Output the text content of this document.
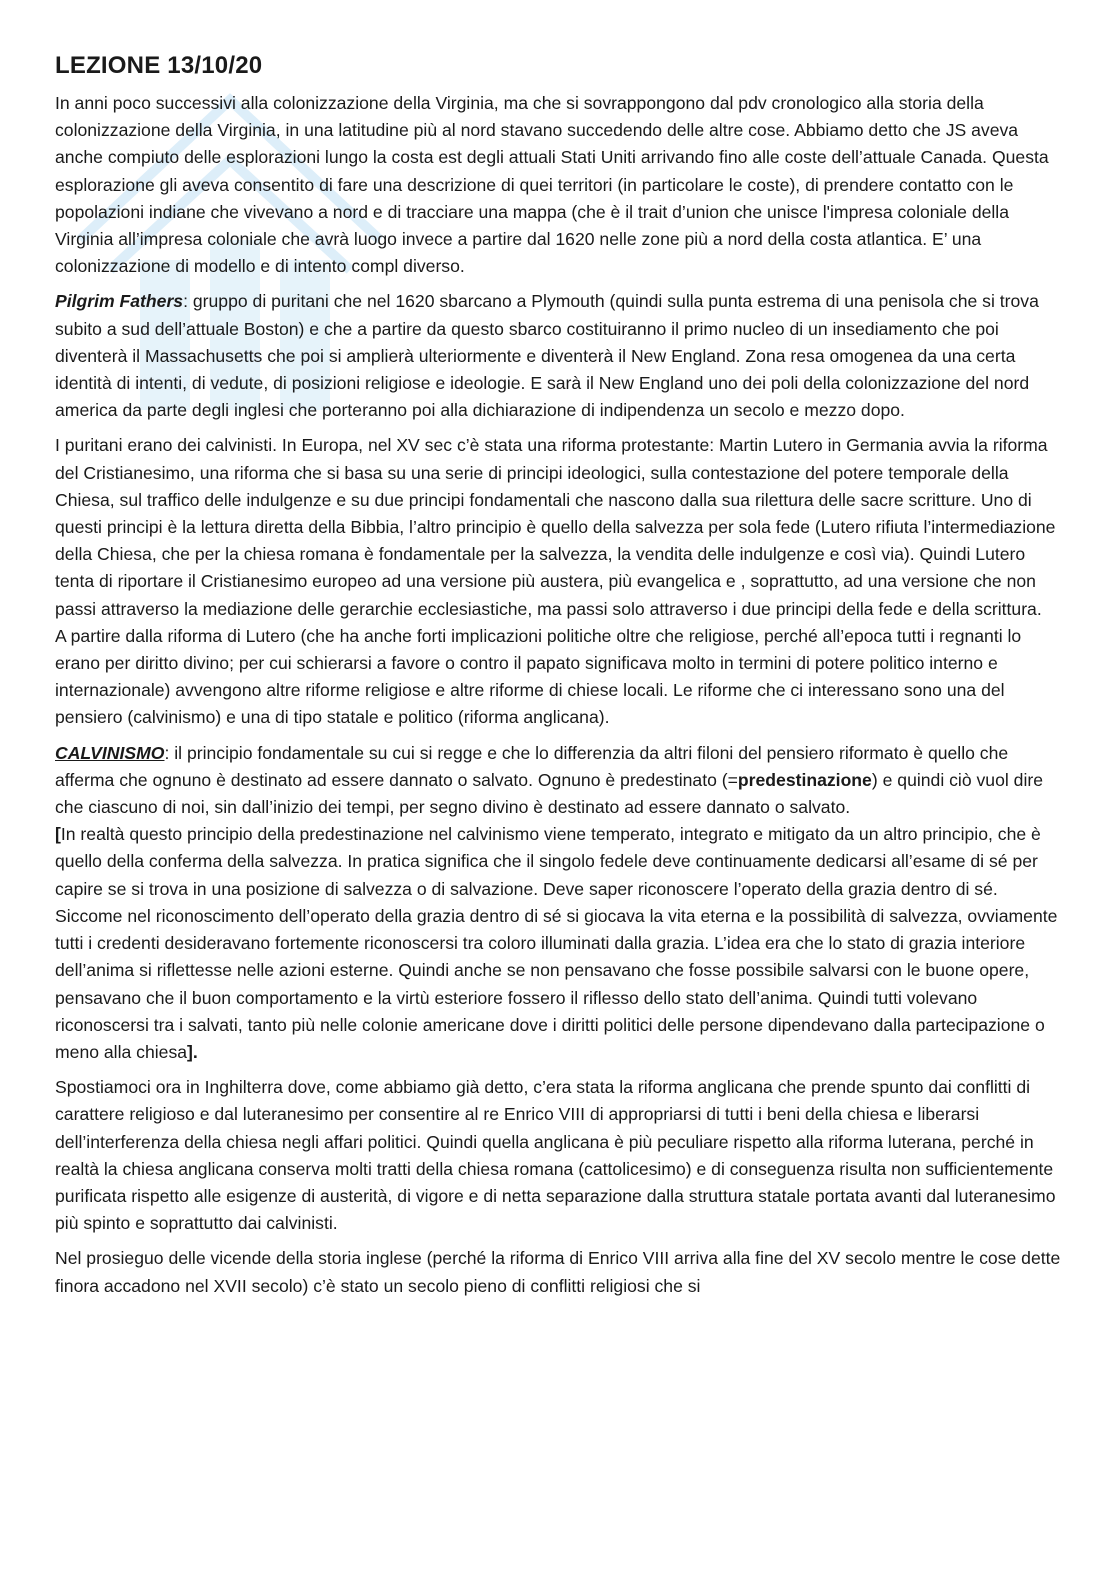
LEZIONE 13/10/20

In anni poco successivi alla colonizzazione della Virginia, ma che si sovrappongono dal pdv cronologico alla storia della colonizzazione della Virginia, in una latitudine più al nord stavano succedendo delle altre cose. Abbiamo detto che JS aveva anche compiuto delle esplorazioni lungo la costa est degli attuali Stati Uniti arrivando fino alle coste dell’attuale Canada. Questa esplorazione gli aveva consentito di fare una descrizione di quei territori (in particolare le coste), di prendere contatto con le popolazioni indiane che vivevano a nord e di tracciare una mappa (che è il trait d’union che unisce l'impresa coloniale della Virginia all’impresa coloniale che avrà luogo invece a partire dal 1620 nelle zone più a nord della costa atlantica. E’ una colonizzazione di modello e di intento compl diverso.

Pilgrim Fathers: gruppo di puritani che nel 1620 sbarcano a Plymouth (quindi sulla punta estrema di una penisola che si trova subito a sud dell’attuale Boston) e che a partire da questo sbarco costituiranno il primo nucleo di un insediamento che poi diventerà il Massachusetts che poi si amplierà ulteriormente e diventerà il New England. Zona resa omogenea da una certa identità di intenti, di vedute, di posizioni religiose e ideologie. E sarà il New England uno dei poli della colonizzazione del nord america da parte degli inglesi che porteranno poi alla dichiarazione di indipendenza un secolo e mezzo dopo.

I puritani erano dei calvinisti. In Europa, nel XV sec c’è stata una riforma protestante: Martin Lutero in Germania avvia la riforma del Cristianesimo, una riforma che si basa su una serie di principi ideologici, sulla contestazione del potere temporale della Chiesa, sul traffico delle indulgenze e su due principi fondamentali che nascono dalla sua rilettura delle sacre scritture. Uno di questi principi è la lettura diretta della Bibbia, l’altro principio è quello della salvezza per sola fede (Lutero rifiuta l’intermediazione della Chiesa, che per la chiesa romana è fondamentale per la salvezza, la vendita delle indulgenze e così via). Quindi Lutero tenta di riportare il Cristianesimo europeo ad una versione più austera, più evangelica e , soprattutto, ad una versione che non passi attraverso la mediazione delle gerarchie ecclesiastiche, ma passi solo attraverso i due principi della fede e della scrittura.

A partire dalla riforma di Lutero (che ha anche forti implicazioni politiche oltre che religiose, perché all’epoca tutti i regnanti lo erano per diritto divino; per cui schierarsi a favore o contro il papato significava molto in termini di potere politico interno e internazionale) avvengono altre riforme religiose e altre riforme di chiese locali. Le riforme che ci interessano sono una del pensiero (calvinismo) e una di tipo statale e politico (riforma anglicana).

CALVINISMO: il principio fondamentale su cui si regge e che lo differenzia da altri filoni del pensiero riformato è quello che afferma che ognuno è destinato ad essere dannato o salvato. Ognuno è predestinato (=predestinazione) e quindi ciò vuol dire che ciascuno di noi, sin dall’inizio dei tempi, per segno divino è destinato ad essere dannato o salvato.

[In realtà questo principio della predestinazione nel calvinismo viene temperato, integrato e mitigato da un altro principio, che è quello della conferma della salvezza. In pratica significa che il singolo fedele deve continuamente dedicarsi all’esame di sé per capire se si trova in una posizione di salvezza o di salvazione. Deve saper riconoscere l’operato della grazia dentro di sé. Siccome nel riconoscimento dell’operato della grazia dentro di sé si giocava la vita eterna e la possibilità di salvezza, ovviamente tutti i credenti desideravano fortemente riconoscersi tra coloro illuminati dalla grazia. L’idea era che lo stato di grazia interiore dell’anima si riflettesse nelle azioni esterne. Quindi anche se non pensavano che fosse possibile salvarsi con le buone opere, pensavano che il buon comportamento e la virtù esteriore fossero il riflesso dello stato dell’anima. Quindi tutti volevano riconoscersi tra i salvati, tanto più nelle colonie americane dove i diritti politici delle persone dipendevano dalla partecipazione o meno alla chiesa].

Spostiamoci ora in Inghilterra dove, come abbiamo già detto, c’era stata la riforma anglicana che prende spunto dai conflitti di carattere religioso e dal luteranesimo per consentire al re Enrico VIII di appropriarsi di tutti i beni della chiesa e liberarsi dell’interferenza della chiesa negli affari politici. Quindi quella anglicana è più peculiare rispetto alla riforma luterana, perché in realtà la chiesa anglicana conserva molti tratti della chiesa romana (cattolicesimo) e di conseguenza risulta non sufficientemente purificata rispetto alle esigenze di austerità, di vigore e di netta separazione dalla struttura statale portata avanti dal luteranesimo più spinto e soprattutto dai calvinisti.

Nel prosieguo delle vicende della storia inglese (perché la riforma di Enrico VIII arriva alla fine del XV secolo mentre le cose dette finora accadono nel XVII secolo) c’è stato un secolo pieno di conflitti religiosi che si
